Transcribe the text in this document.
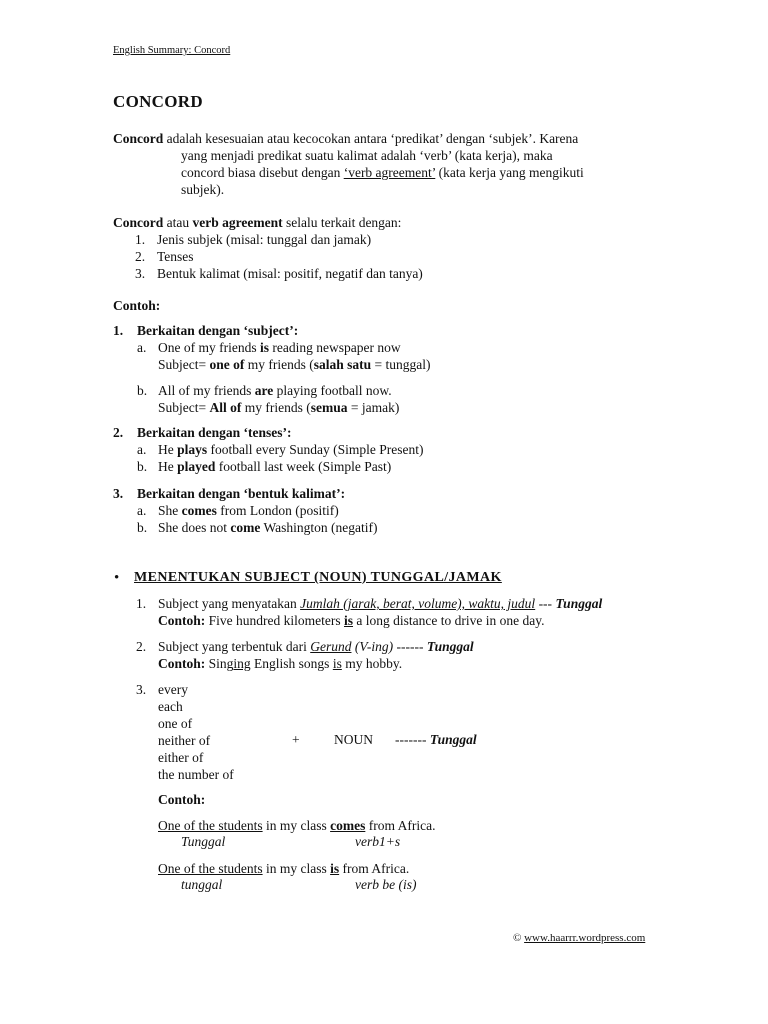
English Summary: Concord
CONCORD
Concord adalah kesesuaian atau kecocokan antara ‘predikat’ dengan ‘subjek’. Karena
yang menjadi predikat suatu kalimat adalah ‘verb’ (kata kerja), maka
concord biasa disebut dengan ‘verb agreement’ (kata kerja yang mengikuti
subjek).
Concord atau verb agreement selalu terkait dengan:
1. Jenis subjek (misal: tunggal dan jamak)
2. Tenses
3. Bentuk kalimat (misal: positif, negatif dan tanya)
Contoh:
1. Berkaitan dengan ‘subject’:
a. One of my friends is reading newspaper now
Subject= one of my friends (salah satu = tunggal)
b. All of my friends are playing football now.
Subject= All of my friends (semua = jamak)
2. Berkaitan dengan ‘tenses’:
a. He plays football every Sunday (Simple Present)
b. He played football last week (Simple Past)
3. Berkaitan dengan ‘bentuk kalimat’:
a. She comes from London (positif)
b. She does not come Washington (negatif)
• MENENTUKAN SUBJECT (NOUN) TUNGGAL/JAMAK
1. Subject yang menyatakan Jumlah (jarak, berat, volume), waktu, judul --- Tunggal
Contoh: Five hundred kilometers is a long distance to drive in one day.
2. Subject yang terbentuk dari Gerund (V-ing) ------ Tunggal
Contoh: Singing English songs is my hobby.
3. every
each
one of
neither of
either of
the number of
+	NOUN ------- Tunggal
Contoh:
One of the students in my class comes from Africa.
Tunggal	verb1+s
One of the students in my class is from Africa.
tunggal	verb be (is)
© www.haarrr.wordpress.com
